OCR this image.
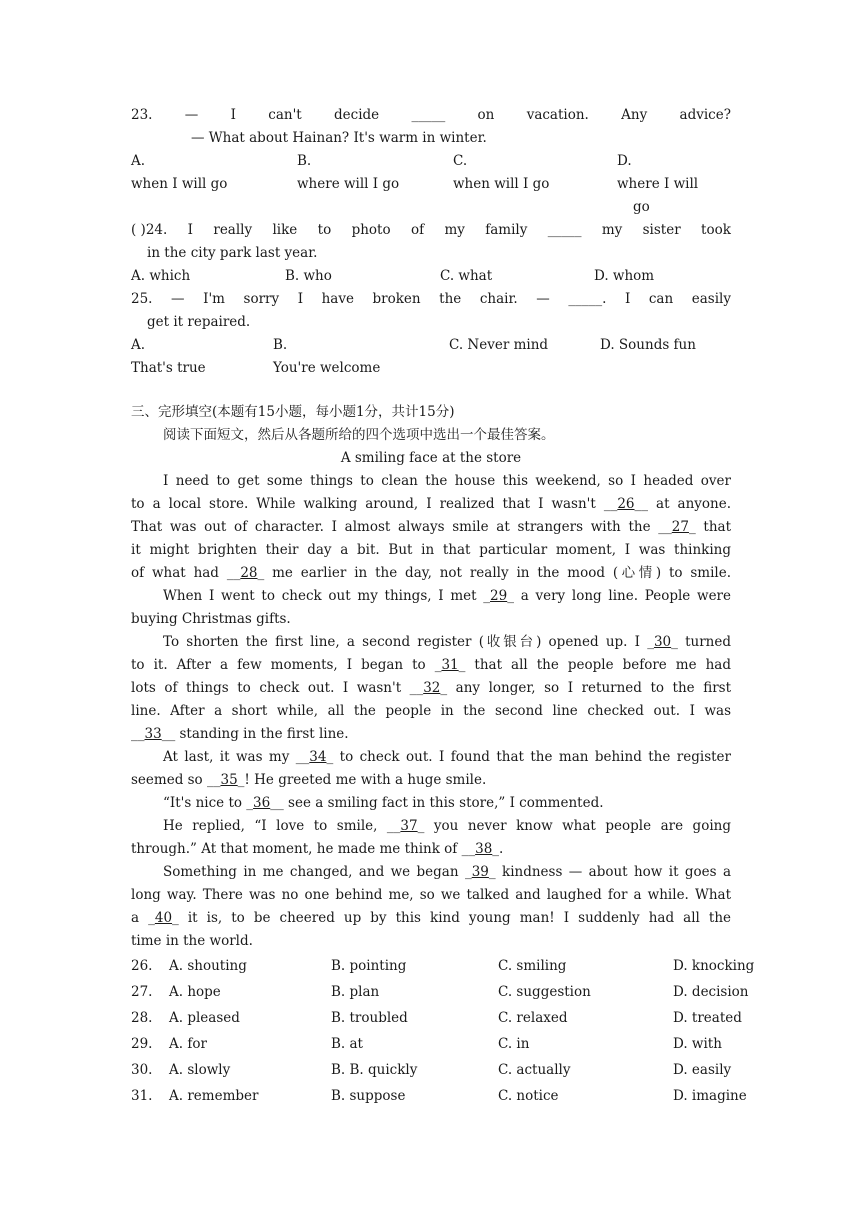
23. — I can't decide _____ on vacation. Any advice?
— What about Hainan? It's warm in winter.
A.	B.	C.	D.
when I will go	where will I go	when will I go	where I will
go
( )24. I really like to photo of my family _____ my sister took
in the city park last year.
A. which	B. who	C. what	D. whom
25. — I'm sorry I have broken the chair. — _____. I can easily
get it repaired.
A.	B.	C. Never mind	D. Sounds fun
That's true	You're welcome
三、完形填空(本题有15小题，每小题1分，共计15分)
阅读下面短文，然后从各题所给的四个选项中选出一个最佳答案。
A smiling face at the store
I need to get some things to clean the house this weekend, so I headed over
to a local store. While walking around, I realized that I wasn't __26__ at anyone.
That was out of character. I almost always smile at strangers with the __27_ that
it might brighten their day a bit. But in that particular moment, I was thinking
of what had __28_ me earlier in the day, not really in the mood (心情) to smile.
When I went to check out my things, I met _29_ a very long line. People were
buying Christmas gifts.
To shorten the first line, a second register (收银台) opened up. I _30_ turned
to it. After a few moments, I began to _31_ that all the people before me had
lots of things to check out. I wasn't __32_ any longer, so I returned to the first
line. After a short while, all the people in the second line checked out. I was
__33__ standing in the first line.
At last, it was my __34_ to check out. I found that the man behind the register
seemed so __35_! He greeted me with a huge smile.
“It's nice to _36__ see a smiling fact in this store,” I commented.
He replied, “I love to smile, __37_ you never know what people are going
through.” At that moment, he made me think of __38_.
Something in me changed, and we began _39_ kindness — about how it goes a
long way. There was no one behind me, so we talked and laughed for a while. What
a _40_ it is, to be cheered up by this kind young man! I suddenly had all the
time in the world.
26. A. shouting	B. pointing	C. smiling	D. knocking
27. A. hope	B. plan	C. suggestion	D. decision
28. A. pleased	B. troubled	C. relaxed	D. treated
29. A. for	B. at	C. in	D. with
30. A. slowly	B. B. quickly	C. actually	D. easily
31. A. remember	B. suppose	C. notice	D. imagine
